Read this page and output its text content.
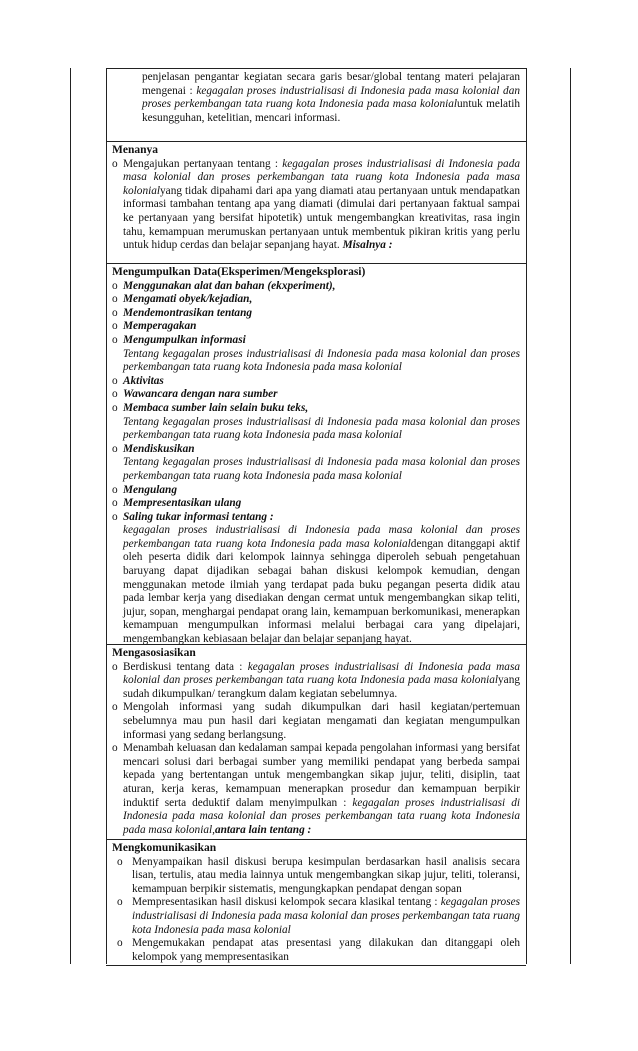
penjelasan pengantar kegiatan secara garis besar/global tentang materi pelajaran mengenai : kegagalan proses industrialisasi di Indonesia pada masa kolonial dan proses perkembangan tata ruang kota Indonesia pada masa kolonialuntuk melatih kesungguhan, ketelitian, mencari informasi.

Menanya

o Mengajukan pertanyaan tentang : kegagalan proses industrialisasi di Indonesia pada masa kolonial dan proses perkembangan tata ruang kota Indonesia pada masa kolonialyang tidak dipahami dari apa yang diamati atau pertanyaan untuk mendapatkan informasi tambahan tentang apa yang diamati (dimulai dari pertanyaan faktual sampai ke pertanyaan yang bersifat hipotetik) untuk mengembangkan kreativitas, rasa ingin tahu, kemampuan merumuskan pertanyaan untuk membentuk pikiran kritis yang perlu untuk hidup cerdas dan belajar sepanjang hayat. Misalnya :

Mengumpulkan Data(Eksperimen/Mengeksplorasi)

o Menggunakan alat dan bahan (ekxperiment),

o Mengamati obyek/kejadian,

o Mendemontrasikan tentang

o Memperagakan

o Mengumpulkan informasi

Tentang kegagalan proses industrialisasi di Indonesia pada masa kolonial dan proses perkembangan tata ruang kota Indonesia pada masa kolonial

o Aktivitas

o Wawancara dengan nara sumber

o Membaca sumber lain selain buku teks,

Tentang kegagalan proses industrialisasi di Indonesia pada masa kolonial dan proses perkembangan tata ruang kota Indonesia pada masa kolonial

o Mendiskusikan

Tentang kegagalan proses industrialisasi di Indonesia pada masa kolonial dan proses perkembangan tata ruang kota Indonesia pada masa kolonial

o Mengulang

o Mempresentasikan ulang

o Saling tukar informasi tentang :

kegagalan proses industrialisasi di Indonesia pada masa kolonial dan proses perkembangan tata ruang kota Indonesia pada masa kolonialdengan ditanggapi aktif oleh peserta didik dari kelompok lainnya sehingga diperoleh sebuah pengetahuan baruyang dapat dijadikan sebagai bahan diskusi kelompok kemudian, dengan menggunakan metode ilmiah yang terdapat pada buku pegangan peserta didik atau pada lembar kerja yang disediakan dengan cermat untuk mengembangkan sikap teliti, jujur, sopan, menghargai pendapat orang lain, kemampuan berkomunikasi, menerapkan kemampuan mengumpulkan informasi melalui berbagai cara yang dipelajari, mengembangkan kebiasaan belajar dan belajar sepanjang hayat.

Mengasosiasikan

o Berdiskusi tentang data : kegagalan proses industrialisasi di Indonesia pada masa kolonial dan proses perkembangan tata ruang kota Indonesia pada masa kolonialyang sudah dikumpulkan/ terangkum dalam kegiatan sebelumnya.

o Mengolah informasi yang sudah dikumpulkan dari hasil kegiatan/pertemuan sebelumnya mau pun hasil dari kegiatan mengamati dan kegiatan mengumpulkan informasi yang sedang berlangsung.

o Menambah keluasan dan kedalaman sampai kepada pengolahan informasi yang bersifat mencari solusi dari berbagai sumber yang memiliki pendapat yang berbeda sampai kepada yang bertentangan untuk mengembangkan sikap jujur, teliti, disiplin, taat aturan, kerja keras, kemampuan menerapkan prosedur dan kemampuan berpikir induktif serta deduktif dalam menyimpulkan : kegagalan proses industrialisasi di Indonesia pada masa kolonial dan proses perkembangan tata ruang kota Indonesia pada masa kolonial,antara lain tentang :

Mengkomunikasikan

o Menyampaikan hasil diskusi berupa kesimpulan berdasarkan hasil analisis secara lisan, tertulis, atau media lainnya untuk mengembangkan sikap jujur, teliti, toleransi, kemampuan berpikir sistematis, mengungkapkan pendapat dengan sopan

o Mempresentasikan hasil diskusi kelompok secara klasikal tentang : kegagalan proses industrialisasi di Indonesia pada masa kolonial dan proses perkembangan tata ruang kota Indonesia pada masa kolonial

o Mengemukakan pendapat atas presentasi yang dilakukan dan ditanggapi oleh kelompok yang mempresentasikan
